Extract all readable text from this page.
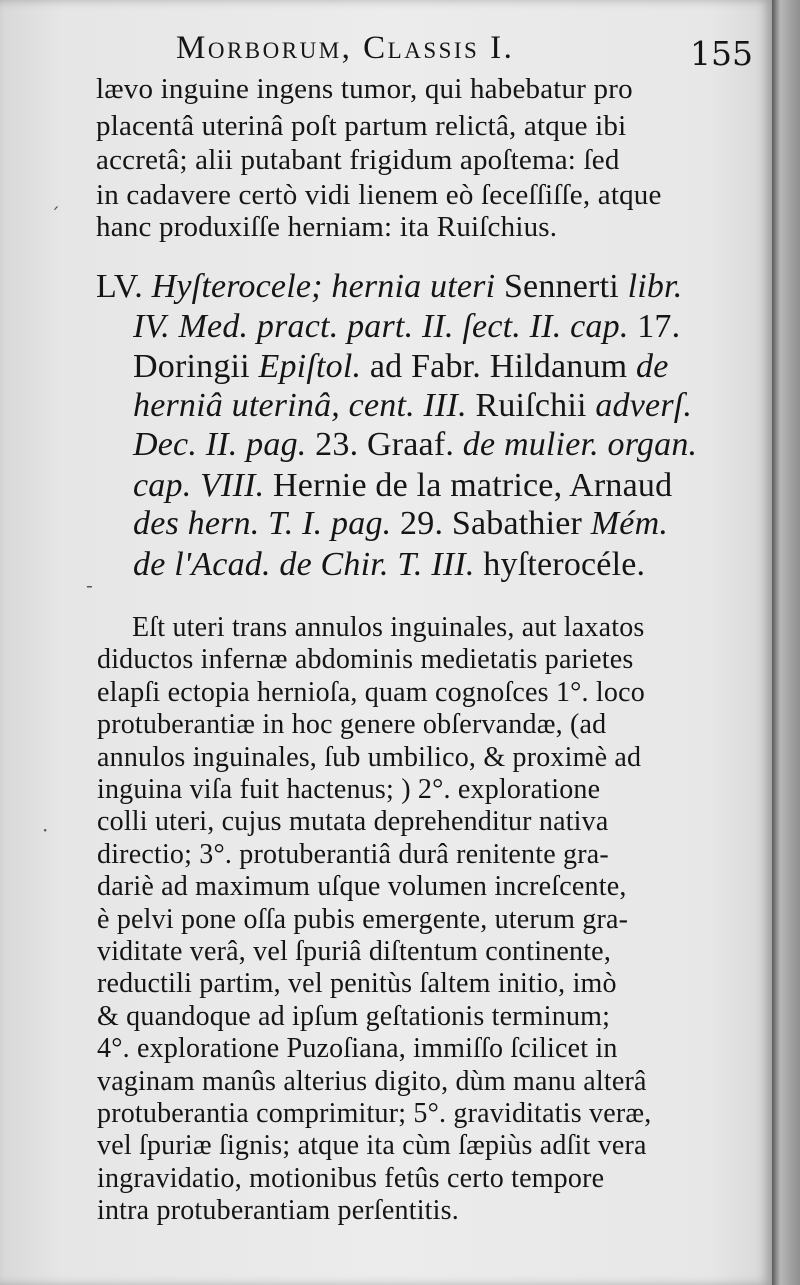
Morborum, Classis I.	155
lævo inguine ingens tumor, qui habebatur pro
placentâ uterinâ poſt partum relictâ, atque ibi
accretâ; alii putabant frigidum apoſtema: ſed
in cadavere certò vidi lienem eò ſeceſſiſſe, atque
hanc produxiſſe herniam: ita Ruiſchius.
LV. Hyſterocele; hernia uteri Sennerti libr.
IV. Med. pract. part. II. ſect. II. cap. 17.
Doringii Epiſtol. ad Fabr. Hildanum de
herniâ uterinâ, cent. III. Ruiſchii adverſ.
Dec. II. pag. 23. Graaf. de mulier. organ.
cap. VIII. Hernie de la matrice, Arnaud
des hern. T. I. pag. 29. Sabathier Mém.
de l'Acad. de Chir. T. III. hyſterocéle.
Eſt uteri trans annulos inguinales, aut laxatos
diductos infernæ abdominis medietatis parietes
elapſi ectopia hernioſa, quam cognoſces 1°. loco
protuberantiæ in hoc genere obſervandæ, (ad
annulos inguinales, ſub umbilico, & proximè ad
inguina viſa fuit hactenus; ) 2°. exploratione
colli uteri, cujus mutata deprehenditur nativa
directio; 3°. protuberantiâ durâ renitente gra-
dariè ad maximum uſque volumen increſcente,
è pelvi pone oſſa pubis emergente, uterum gra-
viditate verâ, vel ſpuriâ diſtentum continente,
reductili partim, vel penitùs ſaltem initio, imò
& quandoque ad ipſum geſtationis terminum;
4°. exploratione Puzoſiana, immiſſo ſcilicet in
vaginam manûs alterius digito, dùm manu alterâ
protuberantia comprimitur; 5°. graviditatis veræ,
vel ſpuriæ ſignis; atque ita cùm ſæpiùs adſit vera
ingravidatio, motionibus fetûs certo tempore
intra protuberantiam perſentitis.
ˊ
-
·
